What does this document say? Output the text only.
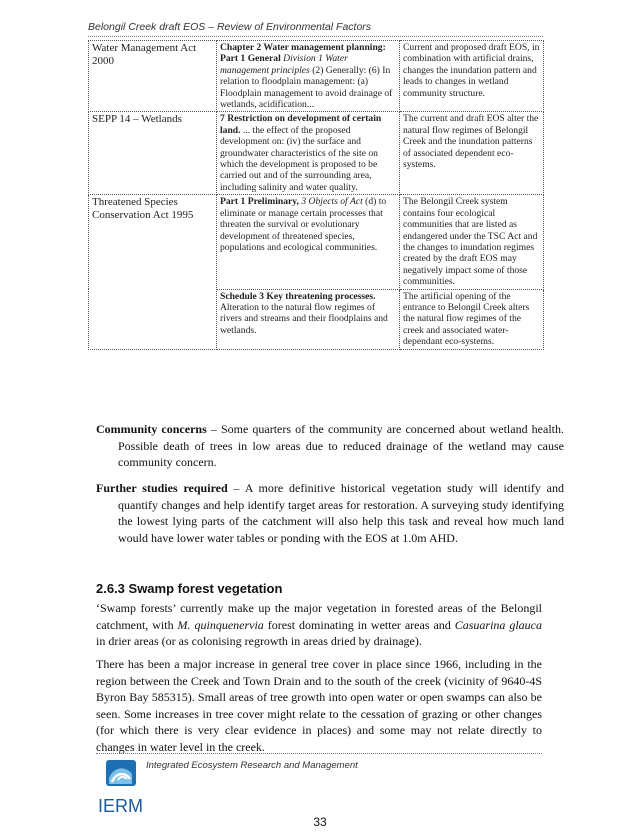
Belongil Creek draft EOS – Review of Environmental Factors
Water Management Act 2000	Chapter 2 Water management planning: Part 1 General Division 1 Water management principles (2) Generally: (6) In relation to floodplain management: (a) Floodplain management to avoid drainage of wetlands, acidification...	Current and proposed draft EOS, in combination with artificial drains, changes the inundation pattern and leads to changes in wetland community structure.
SEPP 14 – Wetlands	7 Restriction on development of certain land. ... the effect of the proposed development on: (iv) the surface and groundwater characteristics of the site on which the development is proposed to be carried out and of the surrounding area, including salinity and water quality.	The current and draft EOS alter the natural flow regimes of Belongil Creek and the inundation patterns of associated dependent eco-systems.
Threatened Species Conservation Act 1995	Part 1 Preliminary, 3 Objects of Act (d) to eliminate or manage certain processes that threaten the survival or evolutionary development of threatened species, populations and ecological communities.	The Belongil Creek system contains four ecological communities that are listed as endangered under the TSC Act and the changes to inundation regimes created by the draft EOS may negatively impact some of those communities.
	Schedule 3 Key threatening processes. Alteration to the natural flow regimes of rivers and streams and their floodplains and wetlands.	The artificial opening of the entrance to Belongil Creek alters the natural flow regimes of the creek and associated water-dependant eco-systems.
Community concerns – Some quarters of the community are concerned about wetland health. Possible death of trees in low areas due to reduced drainage of the wetland may cause community concern.
Further studies required – A more definitive historical vegetation study will identify and quantify changes and help identify target areas for restoration. A surveying study identifying the lowest lying parts of the catchment will also help this task and reveal how much land would have lower water tables or ponding with the EOS at 1.0m AHD.
2.6.3 Swamp forest vegetation
‘Swamp forests’ currently make up the major vegetation in forested areas of the Belongil catchment, with M. quinquenervia forest dominating in wetter areas and Casuarina glauca in drier areas (or as colonising regrowth in areas dried by drainage).
There has been a major increase in general tree cover in place since 1966, including in the region between the Creek and Town Drain and to the south of the creek (vicinity of 9640-4S Byron Bay 585315). Small areas of tree growth into open water or open swamps can also be seen. Some increases in tree cover might relate to the cessation of grazing or other changes (for which there is very clear evidence in places) and some may not relate directly to changes in water level in the creek.
IERM
Integrated Ecosystem Research and Management
33
